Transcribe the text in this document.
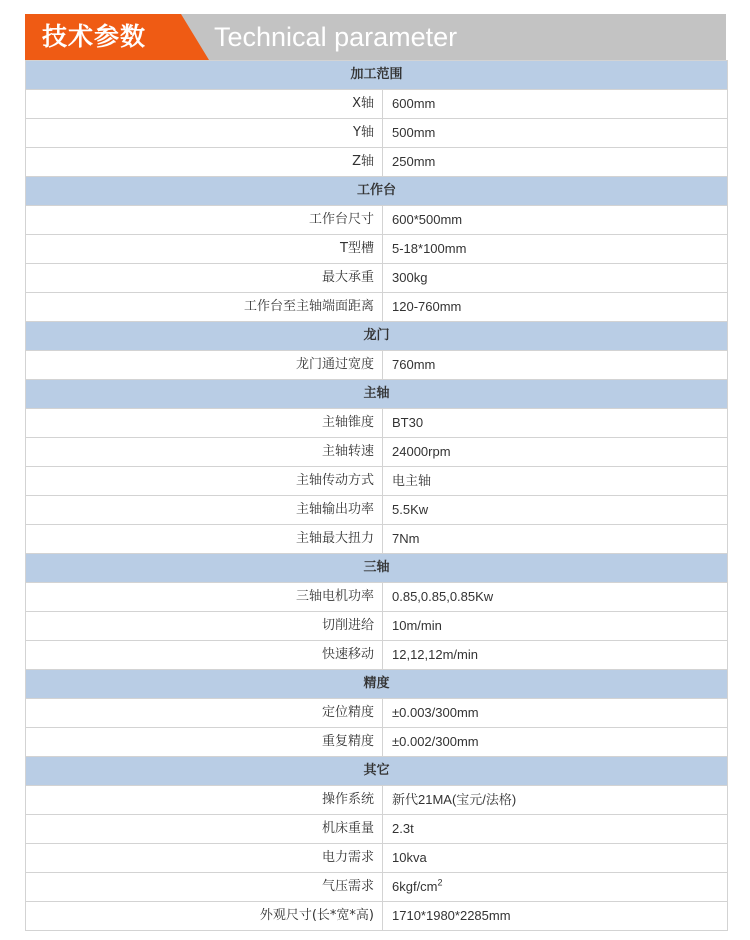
技术参数	Technical parameter
加工范围	
X轴	600mm
Y轴	500mm
Z轴	250mm
工作台	
工作台尺寸	600*500mm
T型槽	5-18*100mm
最大承重	300kg
工作台至主轴端面距离	120-760mm
龙门	
龙门通过宽度	760mm
主轴	
主轴锥度	BT30
主轴转速	24000rpm
主轴传动方式	电主轴
主轴输出功率	5.5Kw
主轴最大扭力	7Nm
三轴	
三轴电机功率	0.85,0.85,0.85Kw
切削进给	10m/min
快速移动	12,12,12m/min
精度	
定位精度	±0.003/300mm
重复精度	±0.002/300mm
其它	
操作系统	新代21MA(宝元/法格)
机床重量	2.3t
电力需求	10kva
气压需求	$6kgf/cm^2$
外观尺寸(长*宽*高)	1710*1980*2285mm
